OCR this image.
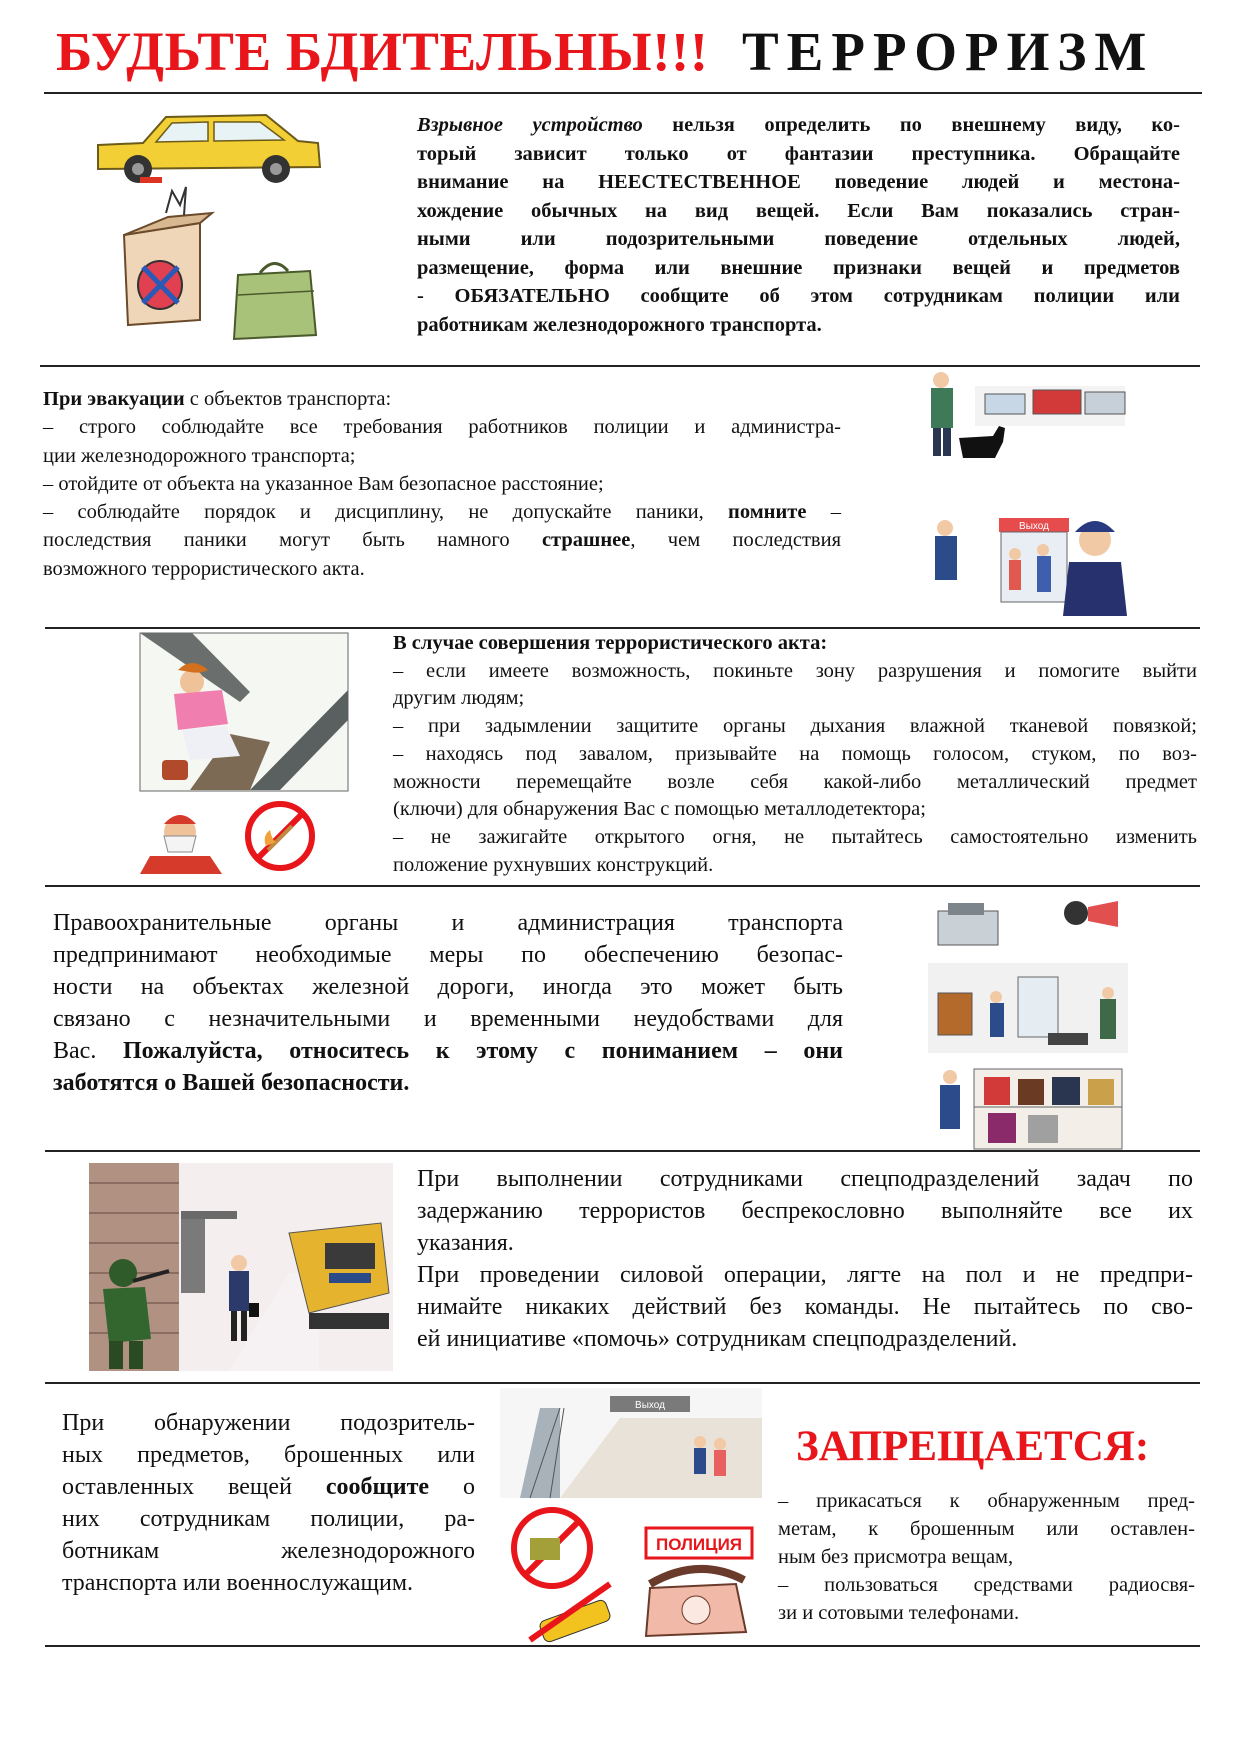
БУДЬТЕ БДИТЕЛЬНЫ!!! ТЕРРОРИЗМ
Взрывное устройство нельзя определить по внешнему виду, ко-
торый зависит только от фантазии преступника. Обращайте
внимание на НЕЕСТЕСТВЕННОЕ поведение людей и местона-
хождение обычных на вид вещей. Если Вам показались стран-
ными или подозрительными поведение отдельных людей,
размещение, форма или внешние признаки вещей и предметов
- ОБЯЗАТЕЛЬНО сообщите об этом сотрудникам полиции или
работникам железнодорожного транспорта.
При эвакуации с объектов транспорта:
– строго соблюдайте все требования работников полиции и администра-
ции железнодорожного транспорта;
– отойдите от объекта на указанное Вам безопасное расстояние;
– соблюдайте порядок и дисциплину, не допускайте паники, помните –
последствия паники могут быть намного страшнее, чем последствия
возможного террористического акта.
Выход
В случае совершения террористического акта:
– если имеете возможность, покиньте зону разрушения и помогите выйти
другим людям;
– при задымлении защитите органы дыхания влажной тканевой повязкой;
– находясь под завалом, призывайте на помощь голосом, стуком, по воз-
можности перемещайте возле себя какой-либо металлический предмет
(ключи) для обнаружения Вас с помощью металлодетектора;
– не зажигайте открытого огня, не пытайтесь самостоятельно изменить
положение рухнувших конструкций.
Правоохранительные органы и администрация транспорта
предпринимают необходимые меры по обеспечению безопас-
ности на объектах железной дороги, иногда это может быть
связано с незначительными и временными неудобствами для
Вас. Пожалуйста, относитесь к этому с пониманием – они
заботятся о Вашей безопасности.
При выполнении сотрудниками спецподразделений задач по
задержанию террористов беспрекословно выполняйте все их
указания.
При проведении силовой операции, лягте на пол и не предпри-
нимайте никаких действий без команды. Не пытайтесь по сво-
ей инициативе «помочь» сотрудникам спецподразделений.
При обнаружении подозритель-
ных предметов, брошенных или
оставленных вещей сообщите о
них сотрудникам полиции, ра-
ботникам железнодорожного
транспорта или военнослужащим.
Выход
ПОЛИЦИЯ
ЗАПРЕЩАЕТСЯ:
– прикасаться к обнаруженным пред-
метам, к брошенным или оставлен-
ным без присмотра вещам,
– пользоваться средствами радиосвя-
зи и сотовыми телефонами.
